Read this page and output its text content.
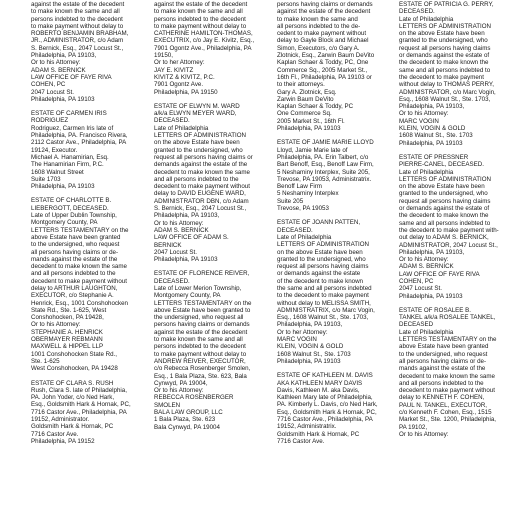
against the estate of the decedent
to make known the same and all
persons indebted to the decedent
to make payment without delay to
ROBERTO BENJAMIN BRABHAM,
JR., ADMINISTRATOR, c/o Adam
S. Bernick, Esq., 2047 Locust St.,
Philadelphia, PA 19103,
Or to his Attorney:
ADAM S. BERNICK
LAW OFFICE OF FAYE RIVA
COHEN, PC
2047 Locust St.
Philadelphia, PA 19103
ESTATE OF CARMEN IRIS
RODRIGUEZ
Rodriguez, Carmen Iris late of
Philadelphia, PA. Francisco Rivera,
2112 Castor Ave., Philadelphia, PA
19124, Executor.
Michael A. Hanamirian, Esq.
The Hanamirian Firm, P.C.
1608 Walnut Street
Suite 1703
Philadelphia, PA 19103
ESTATE OF CHARLOTTE B.
LIEBERGOTT, DECEASED.
Late of Upper Dublin Township,
Montgomery County, PA
LETTERS TESTAMENTARY on the
above Estate have been granted
to the undersigned, who request
all persons having claims or de-
mands against the estate of the
decedent to make known the same
and all persons indebted to the
decedent to make payment without
delay to ARTHUR LAUGHTON,
EXECUTOR, c/o Stephanie A.
Henrick, Esq., 1001 Conshohocken
State Rd., Ste. 1-625, West
Conshohocken, PA 19428,
Or to his Attorney:
STEPHANIE A. HENRICK
OBERMAYER REBMANN
MAXWELL & HIPPEL LLP
1001 Conshohocken State Rd.,
Ste. 1-625
West Conshohocken, PA 19428
ESTATE OF CLARA S. RUSH
Rush, Clara S. late of Philadelphia,
PA. John Yoder, c/o Ned Hark,
Esq., Goldsmith Hark & Hornak, PC,
7716 Castor Ave., Philadelphia, PA
19152, Administrator.
Goldsmith Hark & Hornak, PC
7716 Castor Ave.
Philadelphia, PA 19152
against the estate of the decedent
to make known the same and all
persons indebted to the decedent
to make payment without delay to
CATHERINE HAMILTON-THOMAS,
EXECUTRIX, c/o Jay E. Kivitz, Esq.,
7901 Ogontz Ave., Philadelphia, PA
19150,
Or to her Attorney:
JAY E. KIVITZ
KIVITZ & KIVITZ, P.C.
7901 Ogontz Ave.
Philadelphia, PA 19150
ESTATE OF ELWYN M. WARD
a/k/a ELWYN MEYER WARD,
DECEASED.
Late of Philadelphia
LETTERS OF ADMINISTRATION
on the above Estate have been
granted to the undersigned, who
request all persons having claims or
demands against the estate of the
decedent to make known the same
and all persons indebted to the
decedent to make payment without
delay to DAVID EUGENE WARD,
ADMINISTRATOR DBN, c/o Adam
S. Bernick, Esq., 2047 Locust St.,
Philadelphia, PA 19103,
Or to his Attorney:
ADAM S. BERNICK
LAW OFFICE OF ADAM S.
BERNICK
2047 Locust St.
Philadelphia, PA 19103
ESTATE OF FLORENCE REIVER,
DECEASED.
Late of Lower Merion Township,
Montgomery County, PA
LETTERS TESTAMENTARY on the
above Estate have been granted to
the undersigned, who request all
persons having claims or demands
against the estate of the decedent
to make known the same and all
persons indebted to the decedent
to make payment without delay to
ANDREW REIVER, EXECUTOR,
c/o Rebecca Rosenberger Smolen,
Esq., 1 Bala Plaza, Ste. 623, Bala
Cynwyd, PA 19004,
Or to his Attorney:
REBECCA ROSENBERGER
SMOLEN
BALA LAW GROUP, LLC
1 Bala Plaza, Ste. 623
Bala Cynwyd, PA 19004
persons having claims or demands
against the estate of the decedent
to make known the same and
all persons indebted to the de-
cedent to make payment without
delay to Gayle Block and Michael
Simon, Executors, c/o Gary A.
Zlotnick, Esq., Zarwin Baum DeVito
Kaplan Schaer & Toddy, PC, One
Commerce Sq., 2005 Market St.,
16th Fl., Philadelphia, PA 19103 or
to their attorneys.
Gary A. Zlotnick, Esq.
Zarwin Baum DeVito
Kaplan Schaer & Toddy, PC
One Commerce Sq.
2005 Market St., 16th Fl.
Philadelphia, PA 19103
ESTATE OF JAMIE MARIE LLOYD
Lloyd, Jamie Marie late of
Philadelphia, PA. Erin Talbert, c/o
Bart Benoff, Esq., Benoff Law Firm,
5 Neshaminy Interplex, Suite 205,
Trevose, PA 19053, Administratrix.
Benoff Law Firm
5 Neshaminy Interplex
Suite 205
Trevose, PA 19053
ESTATE OF JOANN PATTEN,
DECEASED.
Late of Philadelphia
LETTERS OF ADMINISTRATION
on the above Estate have been
granted to the undersigned, who
request all persons having claims
or demands against the estate
of the decedent to make known
the same and all persons indebted
to the decedent to make payment
without delay to MELISSA SMITH,
ADMINISTRATRIX, c/o Marc Vogin,
Esq., 1608 Walnut St., Ste. 1703,
Philadelphia, PA 19103,
Or to her Attorney:
MARC VOGIN
KLEIN, VOGIN & GOLD
1608 Walnut St., Ste. 1703
Philadelphia, PA 19103
ESTATE OF KATHLEEN M. DAVIS
AKA KATHLEEN MARY DAVIS
Davis, Kathleen M. aka Davis,
Kathleen Mary late of Philadelphia,
PA. Kimberly L. Davis, c/o Ned Hark,
Esq., Goldsmith Hark & Hornak, PC,
7716 Castor Ave., Philadelphia, PA
19152, Administratrix.
Goldsmith Hark & Hornak, PC
7716 Castor Ave.
ESTATE OF PATRICIA G. PERRY,
DECEASED.
Late of Philadelphia
LETTERS OF ADMINISTRATION
on the above Estate have been
granted to the undersigned, who
request all persons having claims
or demands against the estate of
the decedent to make known the
same and all persons indebted to
the decedent to make payment
without delay to THOMAS PERRY,
ADMINISTRATOR, c/o Marc Vogin,
Esq., 1608 Walnut St., Ste. 1703,
Philadelphia, PA 19103,
Or to his Attorney:
MARC VOGIN
KLEIN, VOGIN & GOLD
1608 Walnut St., Ste. 1703
Philadelphia, PA 19103
ESTATE OF PRESSNER
PIERRE-CANEL, DECEASED.
Late of Philadelphia
LETTERS OF ADMINISTRATION
on the above Estate have been
granted to the undersigned, who
request all persons having claims
or demands against the estate of
the decedent to make known the
same and all persons indebted to
the decedent to make payment with-
out delay to ADAM S. BERNICK,
ADMINISTRATOR, 2047 Locust St.,
Philadelphia, PA 19103,
Or to his Attorney:
ADAM S. BERNICK
LAW OFFICE OF FAYE RIVA
COHEN, PC
2047 Locust St.
Philadelphia, PA 19103
ESTATE OF ROSALEE B.
TANKEL a/k/a ROSALEE TANKEL,
DECEASED
Late of Philadelphia
LETTERS TESTAMENTARY on the
above Estate have been granted
to the undersigned, who request
all persons having claims or de-
mands against the estate of the
decedent to make known the same
and all persons indebted to the
decedent to make payment without
delay to KENNETH F. COHEN,
PAUL N. TANKEL, EXECUTOR,
c/o Kenneth F. Cohen, Esq., 1515
Market St., Ste. 1200, Philadelphia,
PA 19102,
Or to his Attorney:
